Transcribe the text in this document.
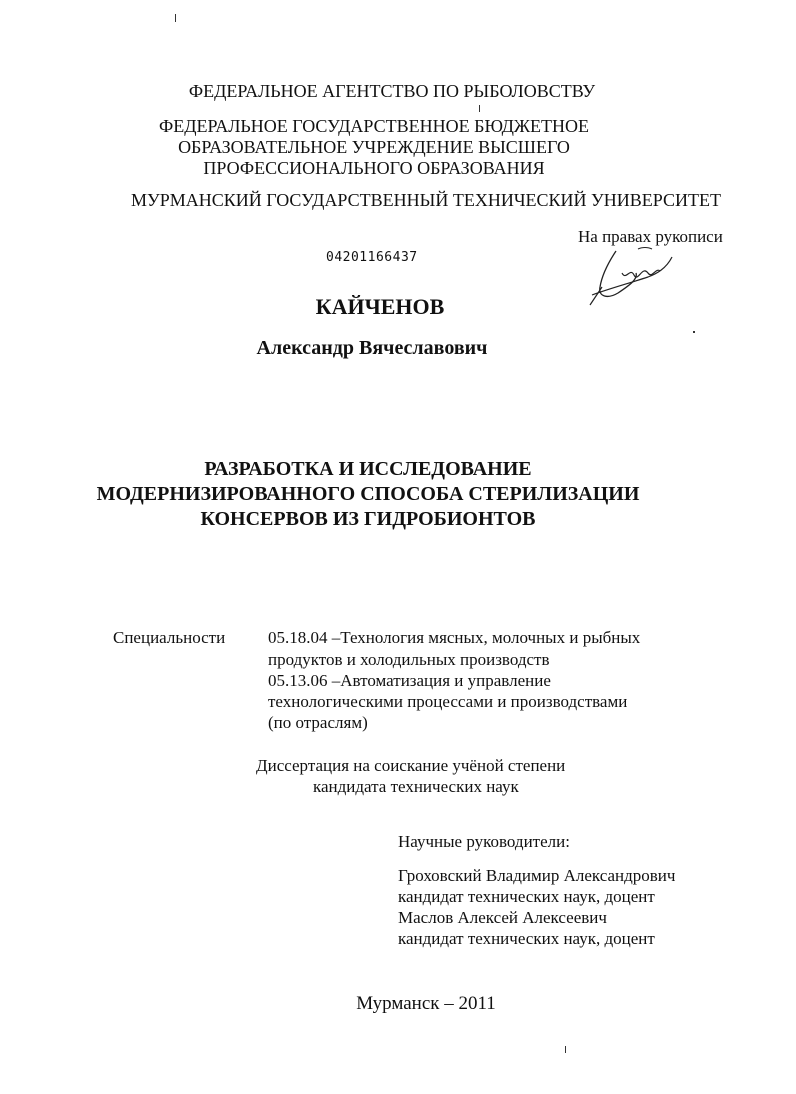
ФЕДЕРАЛЬНОЕ АГЕНТСТВО ПО РЫБОЛОВСТВУ
ФЕДЕРАЛЬНОЕ ГОСУДАРСТВЕННОЕ БЮДЖЕТНОЕ
ОБРАЗОВАТЕЛЬНОЕ УЧРЕЖДЕНИЕ ВЫСШЕГО
ПРОФЕССИОНАЛЬНОГО ОБРАЗОВАНИЯ
МУРМАНСКИЙ ГОСУДАРСТВЕННЫЙ ТЕХНИЧЕСКИЙ УНИВЕРСИТЕТ
На правах рукописи
04201166437
КАЙЧЕНОВ
Александр Вячеславович
РАЗРАБОТКА И ИССЛЕДОВАНИЕ
МОДЕРНИЗИРОВАННОГО СПОСОБА СТЕРИЛИЗАЦИИ
КОНСЕРВОВ ИЗ ГИДРОБИОНТОВ
Специальности	05.18.04 –Технология мясных, молочных и рыбных
продуктов и холодильных производств
05.13.06 –Автоматизация и управление
технологическими процессами и производствами
(по отраслям)
Диссертация на соискание учёной степени
кандидата технических наук
Научные руководители:
Гроховский Владимир Александрович
кандидат технических наук, доцент
Маслов Алексей Алексеевич
кандидат технических наук, доцент
Мурманск – 2011
